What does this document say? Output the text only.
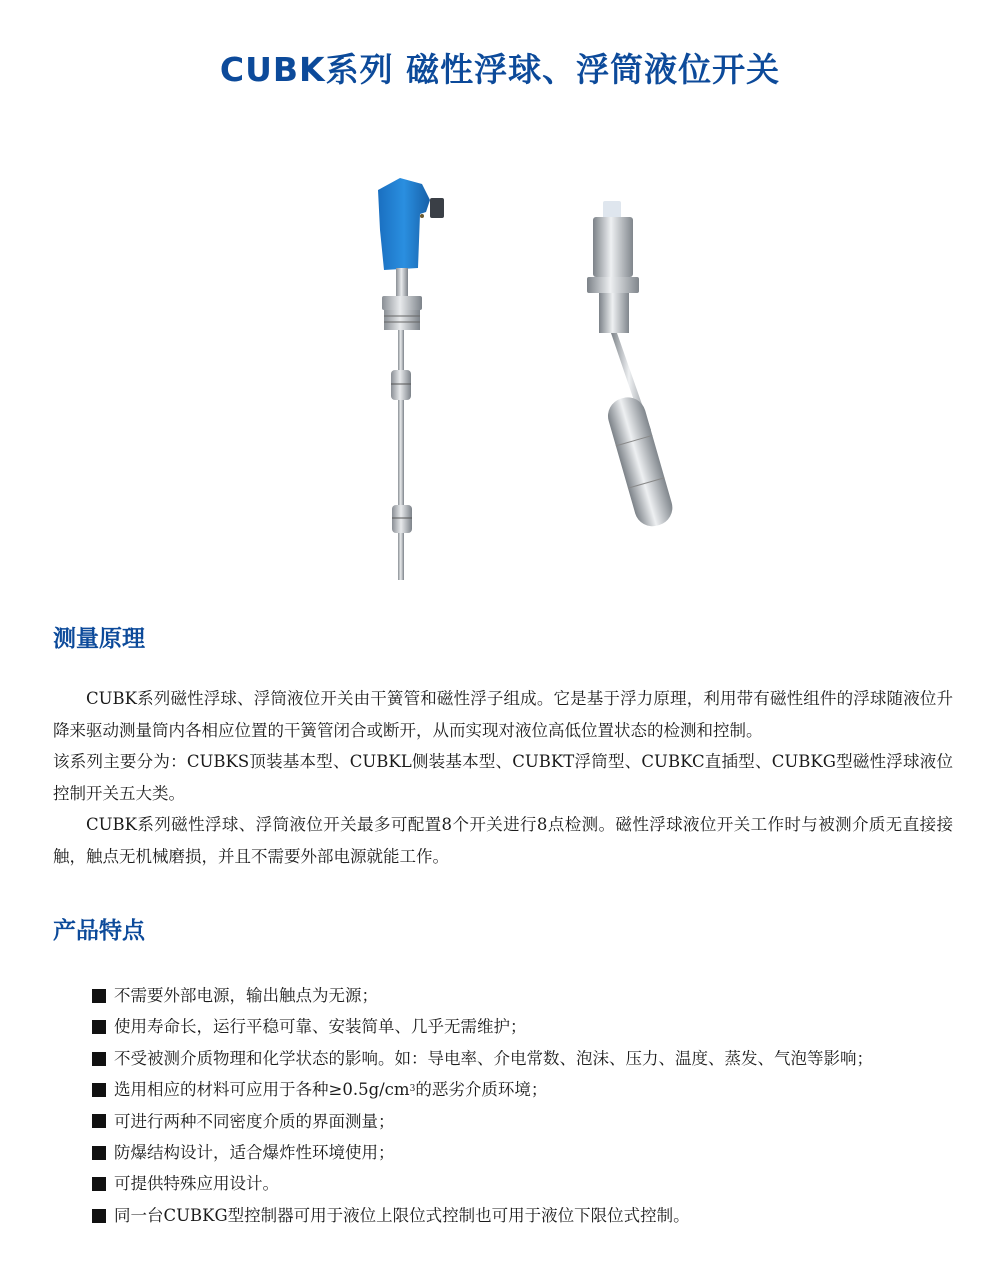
CUBK系列 磁性浮球、浮筒液位开关
测量原理

CUBK系列磁性浮球、浮筒液位开关由干簧管和磁性浮子组成。它是基于浮力原理，利用带有磁性组件的浮球随液位升降来驱动测量筒内各相应位置的干簧管闭合或断开，从而实现对液位高低位置状态的检测和控制。

该系列主要分为：CUBKS顶装基本型、CUBKL侧装基本型、CUBKT浮筒型、CUBKC直插型、CUBKG型磁性浮球液位控制开关五大类。

CUBK系列磁性浮球、浮筒液位开关最多可配置8个开关进行8点检测。磁性浮球液位开关工作时与被测介质无直接接触，触点无机械磨损，并且不需要外部电源就能工作。

产品特点
不需要外部电源，输出触点为无源；
使用寿命长，运行平稳可靠、安装简单、几乎无需维护；
不受被测介质物理和化学状态的影响。如：导电率、介电常数、泡沫、压力、温度、蒸发、气泡等影响；
选用相应的材料可应用于各种≥0.5g/cm 3 的恶劣介质环境；
可进行两种不同密度介质的界面测量；
防爆结构设计，适合爆炸性环境使用；
可提供特殊应用设计。
同一台CUBKG型控制器可用于液位上限位式控制也可用于液位下限位式控制。
